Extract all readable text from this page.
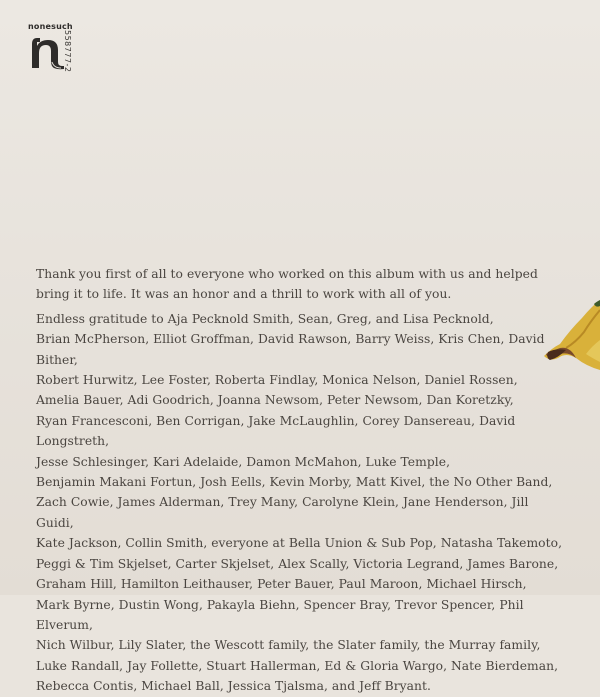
nonesuch
558777-2
Thank you first of all to everyone who worked on this album with us and helped
bring it to life. It was an honor and a thrill to work with all of you.
Endless gratitude to Aja Pecknold Smith, Sean, Greg, and Lisa Pecknold,
Brian McPherson, Elliot Groffman, David Rawson, Barry Weiss, Kris Chen, David Bither,
Robert Hurwitz, Lee Foster, Roberta Findlay, Monica Nelson, Daniel Rossen,
Amelia Bauer, Adi Goodrich, Joanna Newsom, Peter Newsom, Dan Koretzky,
Ryan Francesconi, Ben Corrigan, Jake McLaughlin, Corey Dansereau, David Longstreth,
Jesse Schlesinger, Kari Adelaide, Damon McMahon, Luke Temple,
Benjamin Makani Fortun, Josh Eells, Kevin Morby, Matt Kivel, the No Other Band,
Zach Cowie, James Alderman, Trey Many, Carolyne Klein, Jane Henderson, Jill Guidi,
Kate Jackson, Collin Smith, everyone at Bella Union & Sub Pop, Natasha Takemoto,
Peggi & Tim Skjelset, Carter Skjelset, Alex Scally, Victoria Legrand, James Barone,
Graham Hill, Hamilton Leithauser, Peter Bauer, Paul Maroon, Michael Hirsch,
Mark Byrne, Dustin Wong, Pakayla Biehn, Spencer Bray, Trevor Spencer, Phil Elverum,
Nich Wilbur, Lily Slater, the Wescott family, the Slater family, the Murray family,
Luke Randall, Jay Follette, Stuart Hallerman, Ed & Gloria Wargo, Nate Bierdeman,
Rebecca Contis, Michael Ball, Jessica Tjalsma, and Jeff Bryant.
